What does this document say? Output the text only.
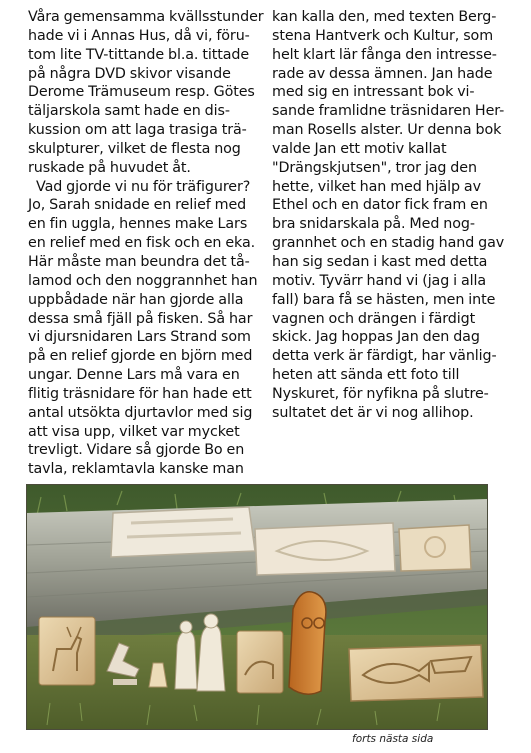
Våra gemensamma kvällsstunder
hade vi i Annas Hus, då vi, föru-
tom lite TV-tittande bl.a. tittade
på några DVD skivor visande
Derome Trämuseum resp. Götes
täljarskola samt hade en dis-
kussion om att laga trasiga trä-
skulpturer, vilket de flesta nog
ruskade på huvudet åt.
Vad gjorde vi nu för träfigurer?
Jo, Sarah snidade en relief med
en fin uggla, hennes make Lars
en relief med en fisk och en eka.
Här måste man beundra det tå-
lamod och den noggrannhet han
uppbådade när han gjorde alla
dessa små fjäll på fisken. Så har
vi djursnidaren Lars Strand som
på en relief gjorde en björn med
ungar. Denne Lars må vara en
flitig träsnidare för han hade ett
antal utsökta djurtavlor med sig
att visa upp, vilket var mycket
trevligt. Vidare så gjorde Bo en
tavla, reklamtavla kanske man
kan kalla den, med texten Berg-
stena Hantverk och Kultur, som
helt klart lär fånga den intresse-
rade av dessa ämnen. Jan hade
med sig en intressant bok vi-
sande framlidne träsnidaren Her-
man Rosells alster. Ur denna bok
valde Jan ett motiv kallat
"Drängskjutsen", tror jag den
hette, vilket han med hjälp av
Ethel och en dator fick fram en
bra snidarskala på. Med nog-
grannhet och en stadig hand gav
han sig sedan i kast med detta
motiv. Tyvärr hand vi (jag i alla
fall) bara få se hästen, men inte
vagnen och drängen i färdigt
skick. Jag hoppas Jan den dag
detta verk är färdigt, har vänlig-
heten att sända ett foto till
Nyskuret, för nyfikna på slutre-
sultatet det är vi nog allihop.
forts nästa sida
